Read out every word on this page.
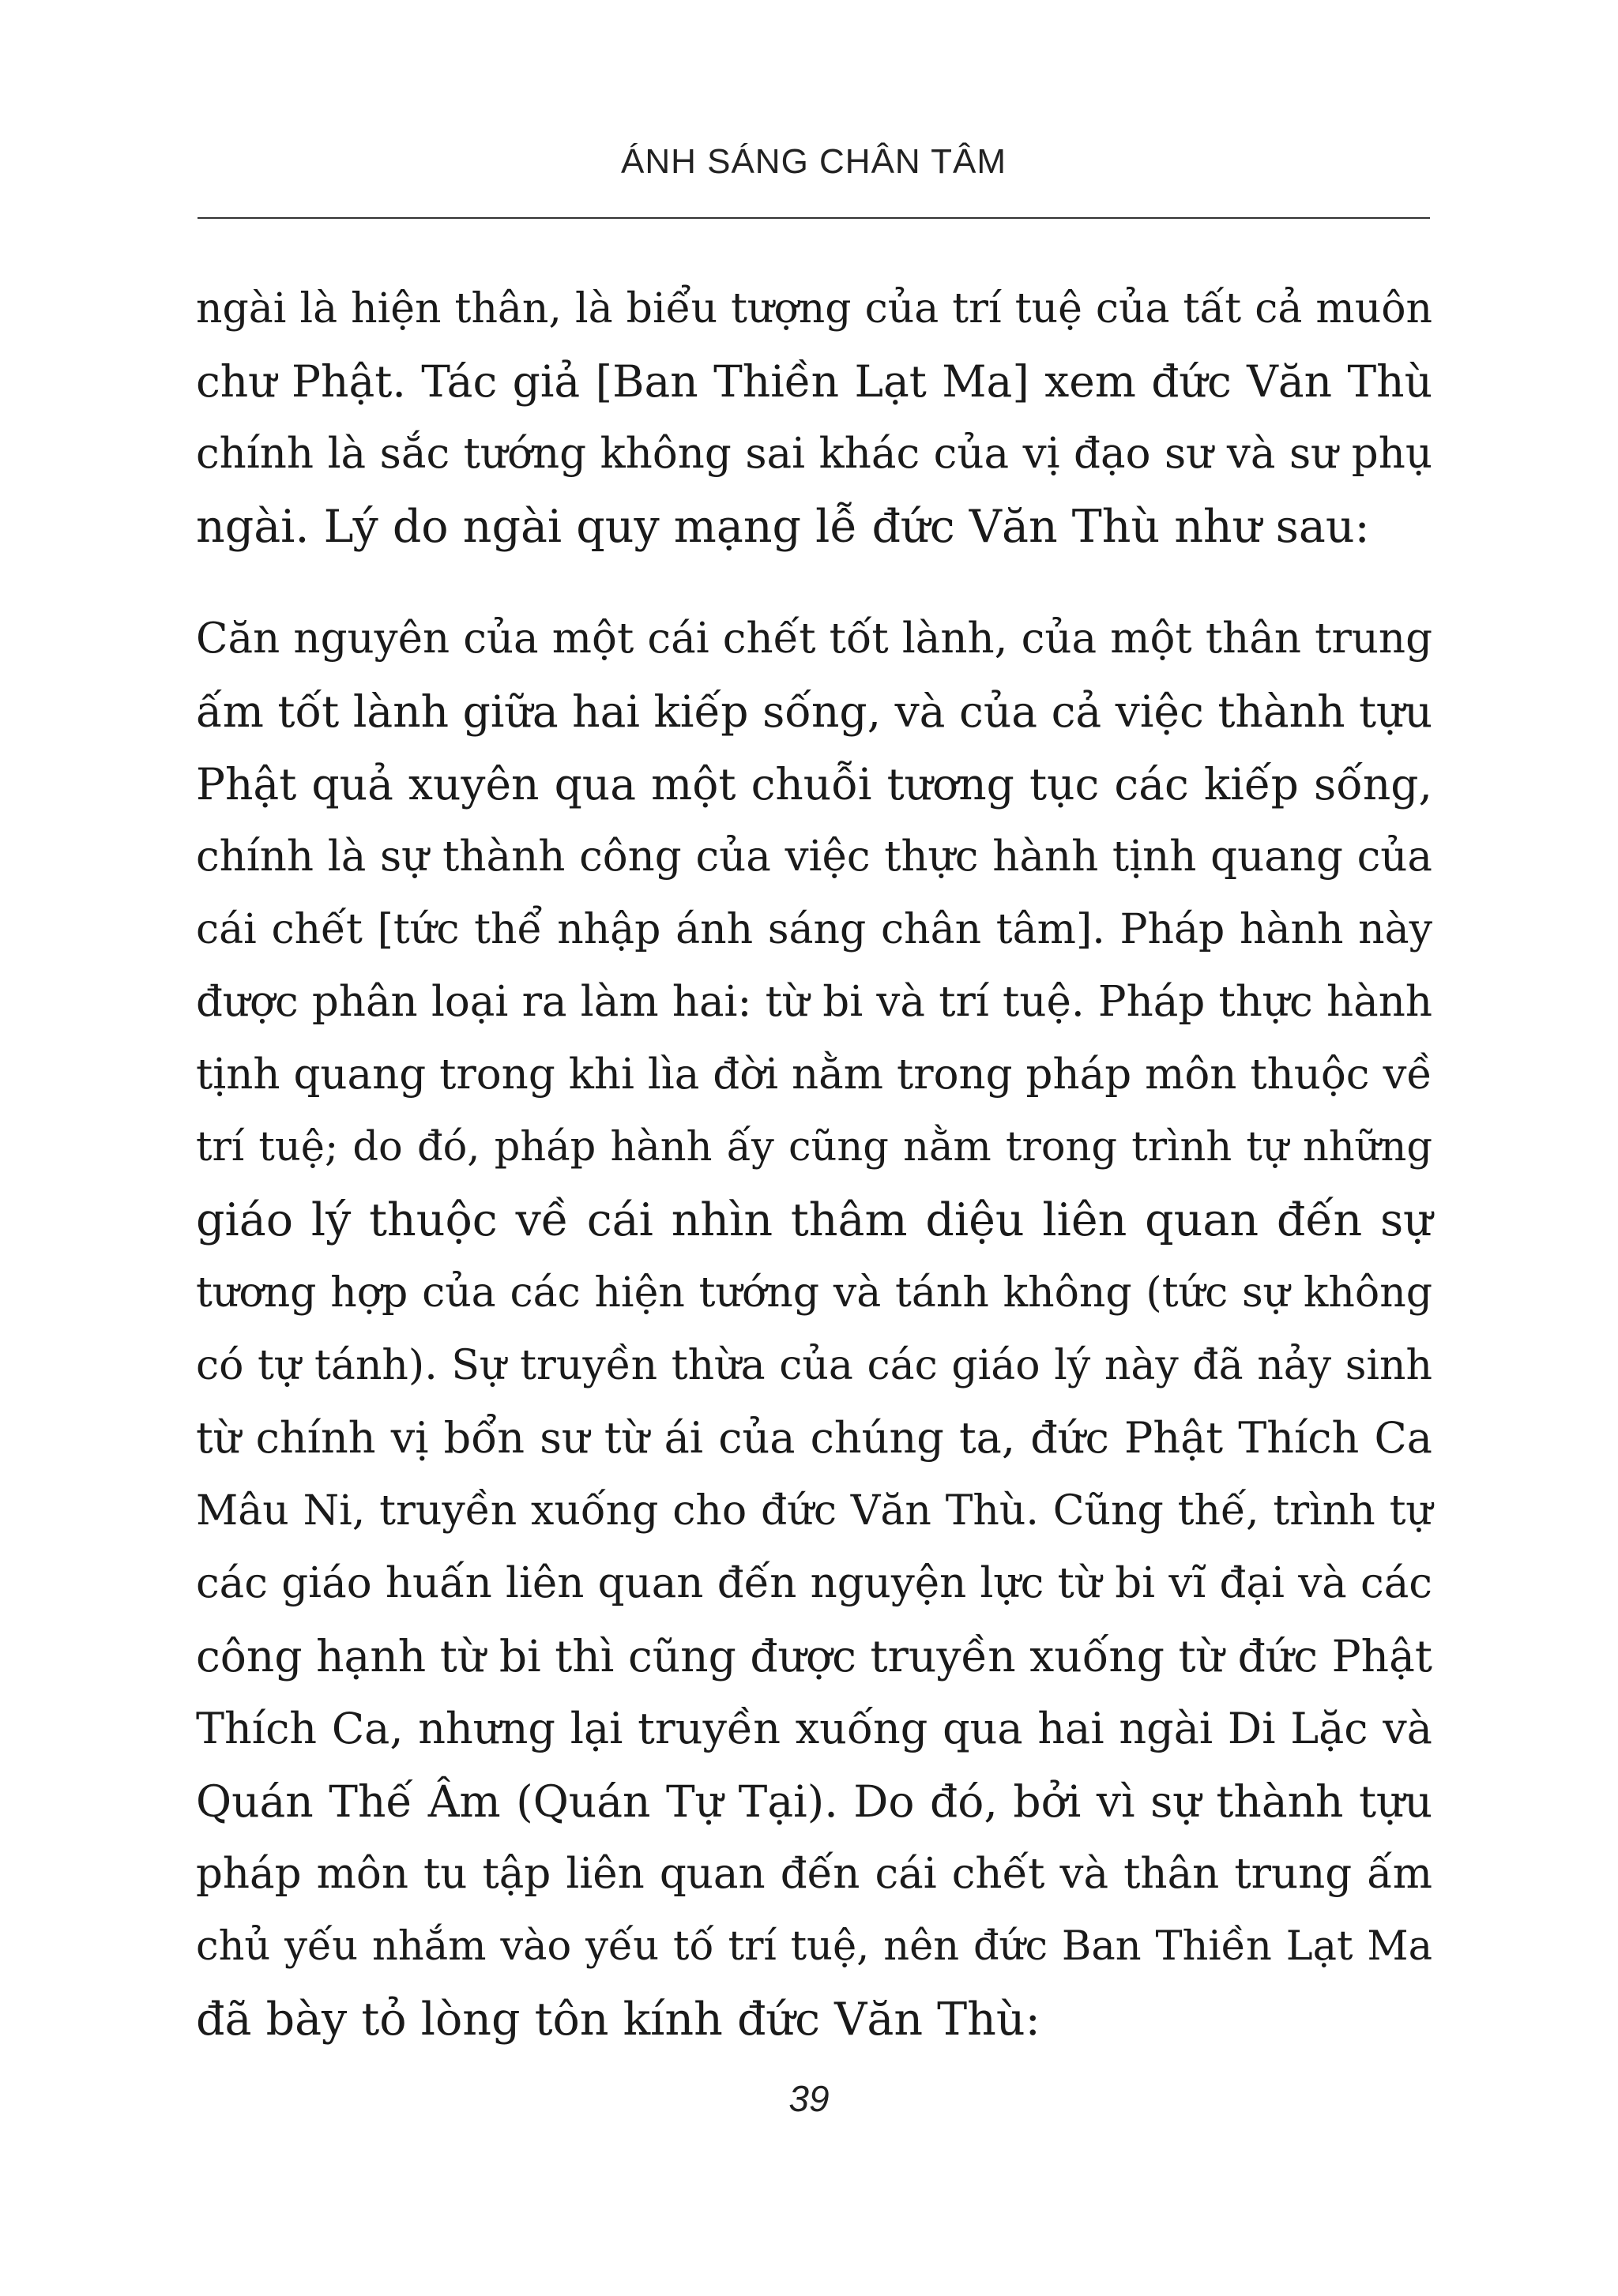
ÁNH SÁNG CHÂN TÂM

ngài là hiện thân, là biểu tượng của trí tuệ của tất cả muôn
chư Phật. Tác giả [Ban Thiền Lạt Ma] xem đức Văn Thù
chính là sắc tướng không sai khác của vị đạo sư và sư phụ
ngài. Lý do ngài quy mạng lễ đức Văn Thù như sau:

Căn nguyên của một cái chết tốt lành, của một thân trung
ấm tốt lành giữa hai kiếp sống, và của cả việc thành tựu
Phật quả xuyên qua một chuỗi tương tục các kiếp sống,
chính là sự thành công của việc thực hành tịnh quang của
cái chết [tức thể nhập ánh sáng chân tâm]. Pháp hành này
được phân loại ra làm hai: từ bi và trí tuệ. Pháp thực hành
tịnh quang trong khi lìa đời nằm trong pháp môn thuộc về
trí tuệ; do đó, pháp hành ấy cũng nằm trong trình tự những
giáo lý thuộc về cái nhìn thâm diệu liên quan đến sự
tương hợp của các hiện tướng và tánh không (tức sự không
có tự tánh). Sự truyền thừa của các giáo lý này đã nảy sinh
từ chính vị bổn sư từ ái của chúng ta, đức Phật Thích Ca
Mâu Ni, truyền xuống cho đức Văn Thù. Cũng thế, trình tự
các giáo huấn liên quan đến nguyện lực từ bi vĩ đại và các
công hạnh từ bi thì cũng được truyền xuống từ đức Phật
Thích Ca, nhưng lại truyền xuống qua hai ngài Di Lặc và
Quán Thế Âm (Quán Tự Tại). Do đó, bởi vì sự thành tựu
pháp môn tu tập liên quan đến cái chết và thân trung ấm
chủ yếu nhắm vào yếu tố trí tuệ, nên đức Ban Thiền Lạt Ma
đã bày tỏ lòng tôn kính đức Văn Thù:

39
